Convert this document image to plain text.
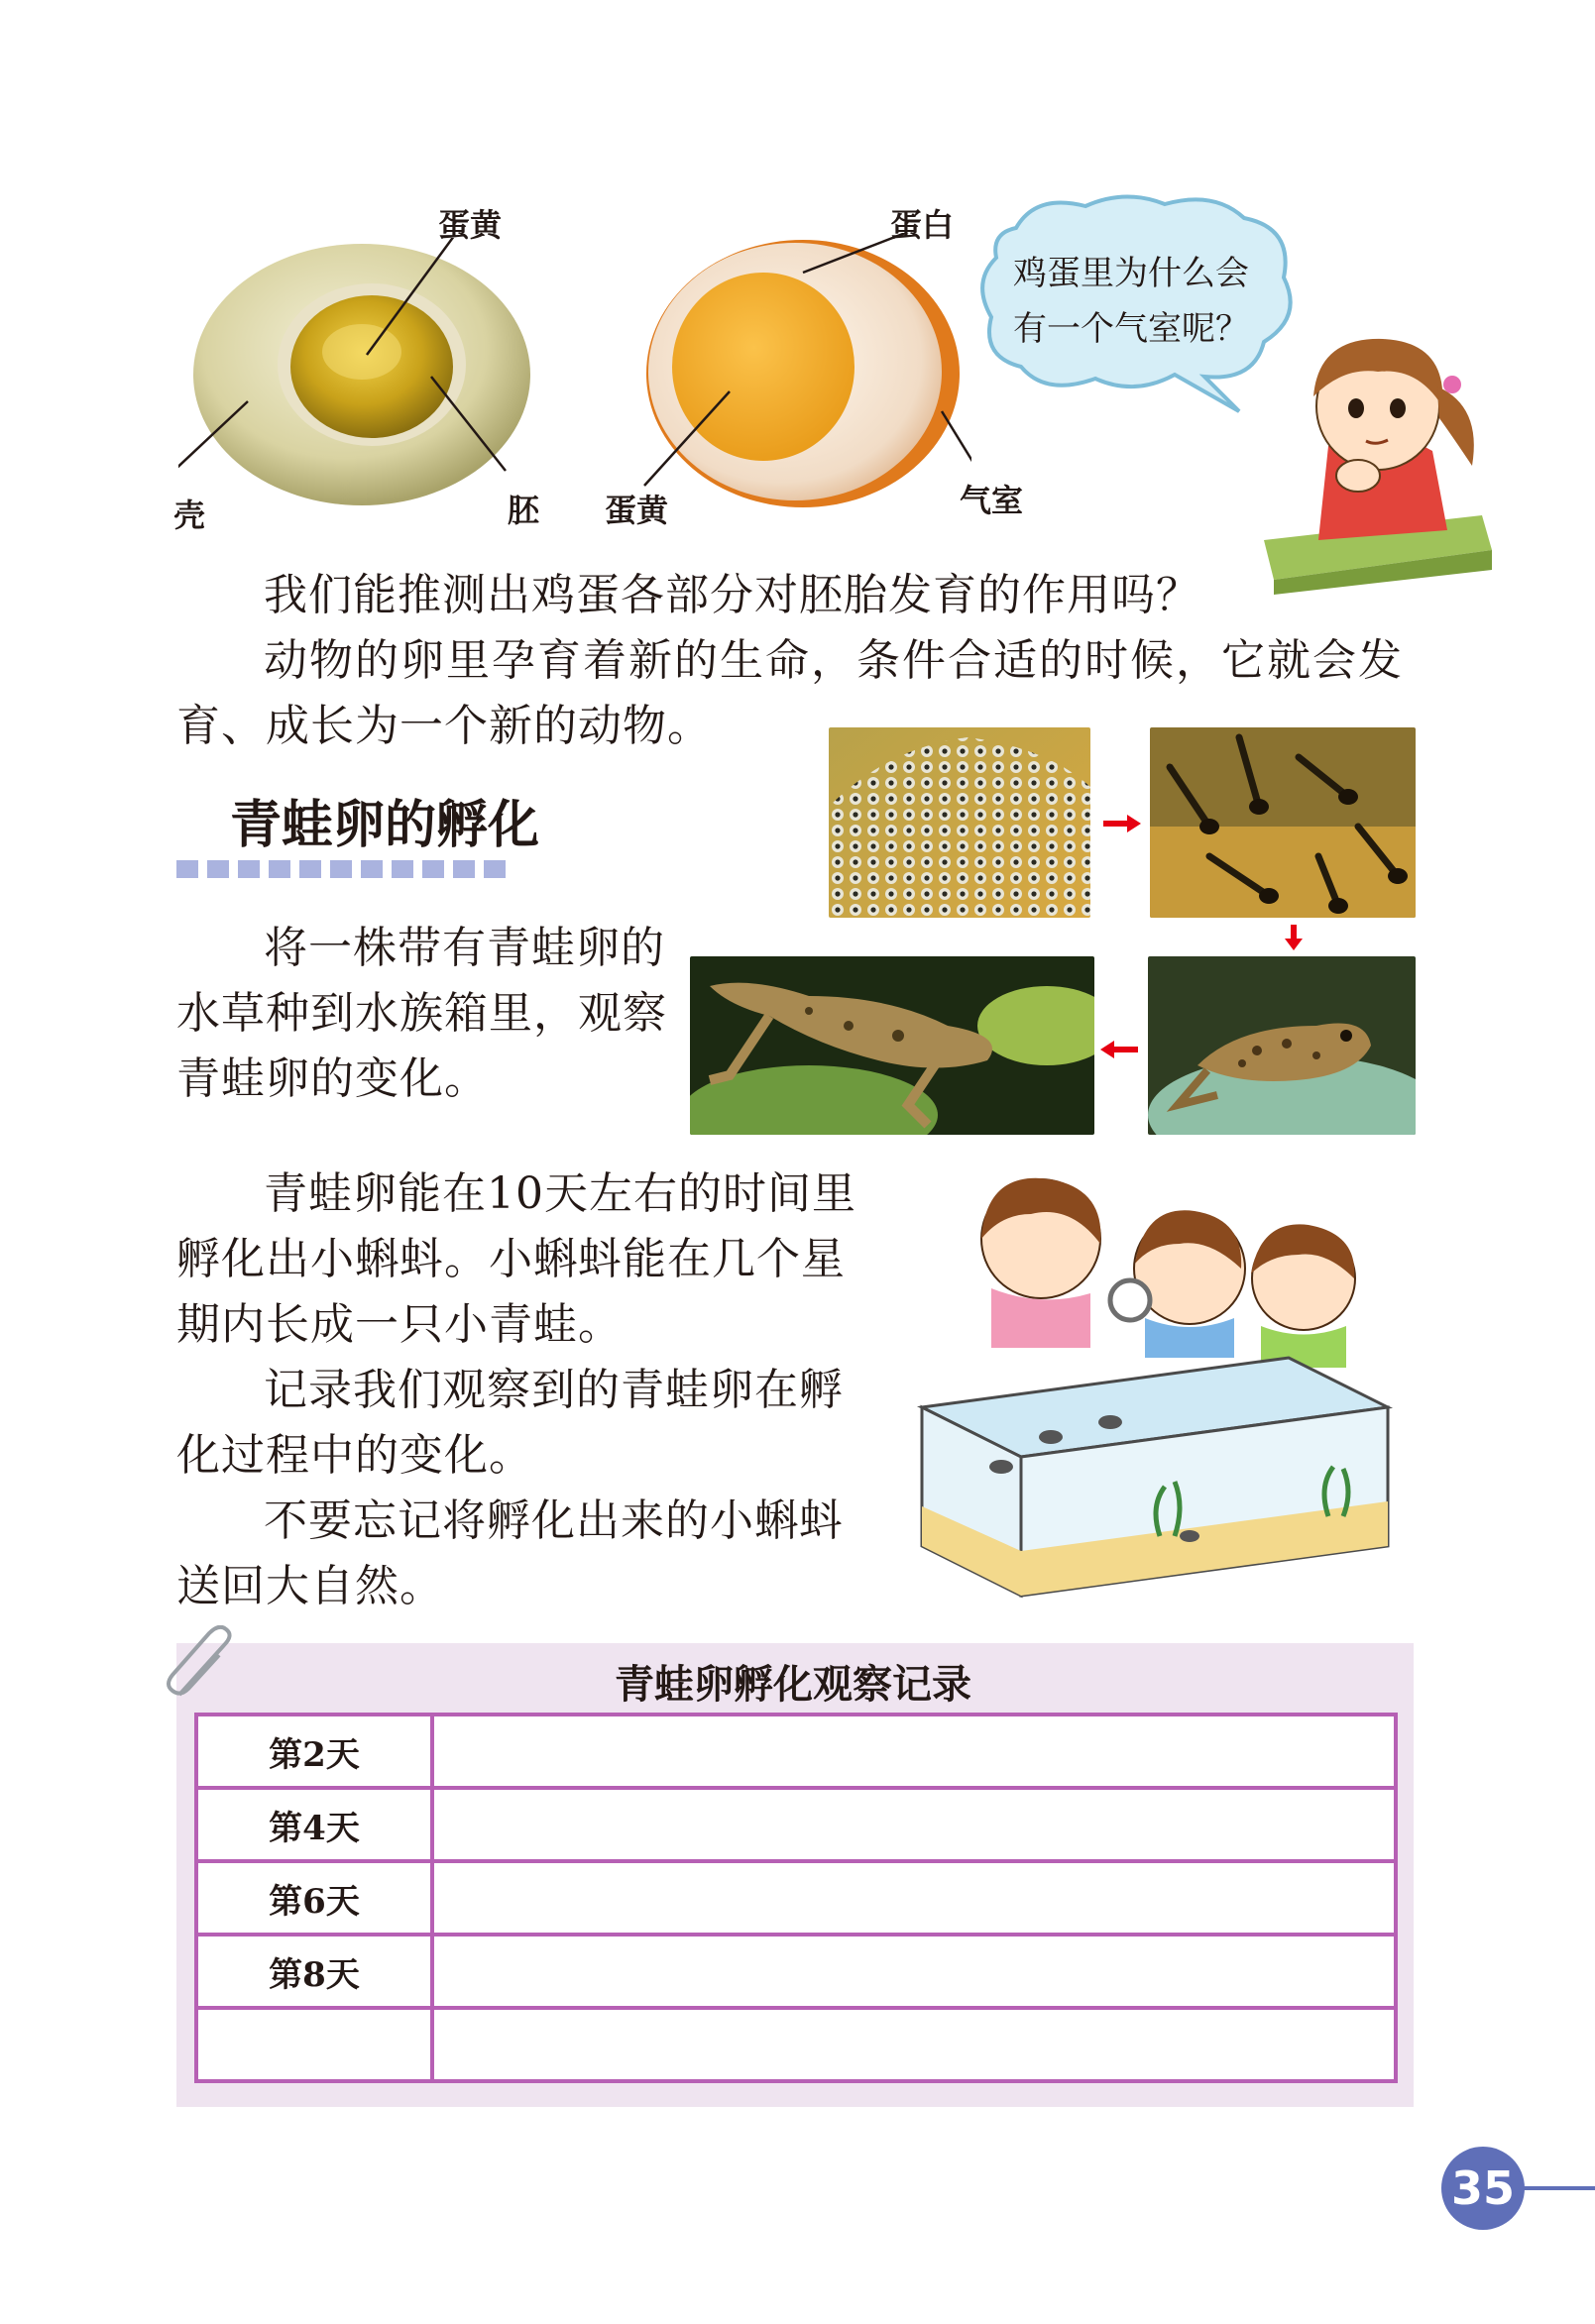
蛋黄
壳	胚
蛋白
蛋黄	气室
鸡蛋里为什么会
有一个气室呢？
我们能推测出鸡蛋各部分对胚胎发育的作用吗？
动物的卵里孕育着新的生命，条件合适的时候，它就会发
育、成长为一个新的动物。
青蛙卵的孵化
将一株带有青蛙卵的
水草种到水族箱里，观察
青蛙卵的变化。
青蛙卵能在10天左右的时间里
孵化出小蝌蚪。小蝌蚪能在几个星
期内长成一只小青蛙。
记录我们观察到的青蛙卵在孵
化过程中的变化。
不要忘记将孵化出来的小蝌蚪
送回大自然。
青蛙卵孵化观察记录
第2天	
第4天	
第6天	
第8天	

35
